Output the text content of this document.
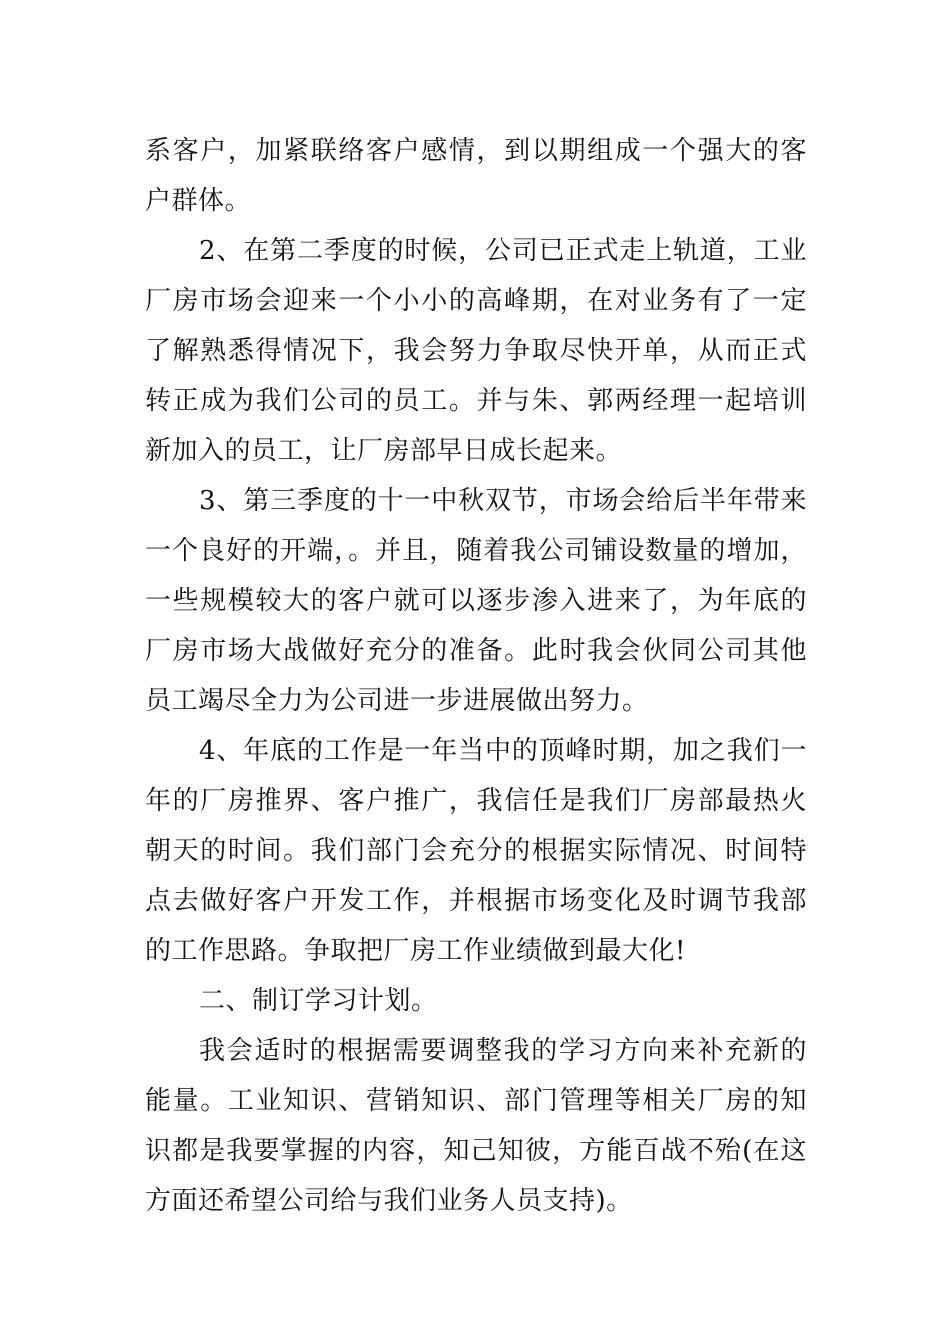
系客户，加紧联络客户感情，到以期组成一个强大的客户群体。

2、在第二季度的时候，公司已正式走上轨道，工业厂房市场会迎来一个小小的高峰期，在对业务有了一定了解熟悉得情况下，我会努力争取尽快开单，从而正式转正成为我们公司的员工。并与朱、郭两经理一起培训新加入的员工，让厂房部早日成长起来。

3、第三季度的十一中秋双节，市场会给后半年带来一个良好的开端，。并且，随着我公司铺设数量的增加，一些规模较大的客户就可以逐步渗入进来了，为年底的厂房市场大战做好充分的准备。此时我会伙同公司其他员工竭尽全力为公司进一步进展做出努力。

4、年底的工作是一年当中的顶峰时期，加之我们一年的厂房推界、客户推广，我信任是我们厂房部最热火朝天的时间。我们部门会充分的根据实际情况、时间特点去做好客户开发工作，并根据市场变化及时调节我部的工作思路。争取把厂房工作业绩做到最大化!

二、制订学习计划。

我会适时的根据需要调整我的学习方向来补充新的能量。工业知识、营销知识、部门管理等相关厂房的知识都是我要掌握的内容，知己知彼，方能百战不殆(在这方面还希望公司给与我们业务人员支持)。
